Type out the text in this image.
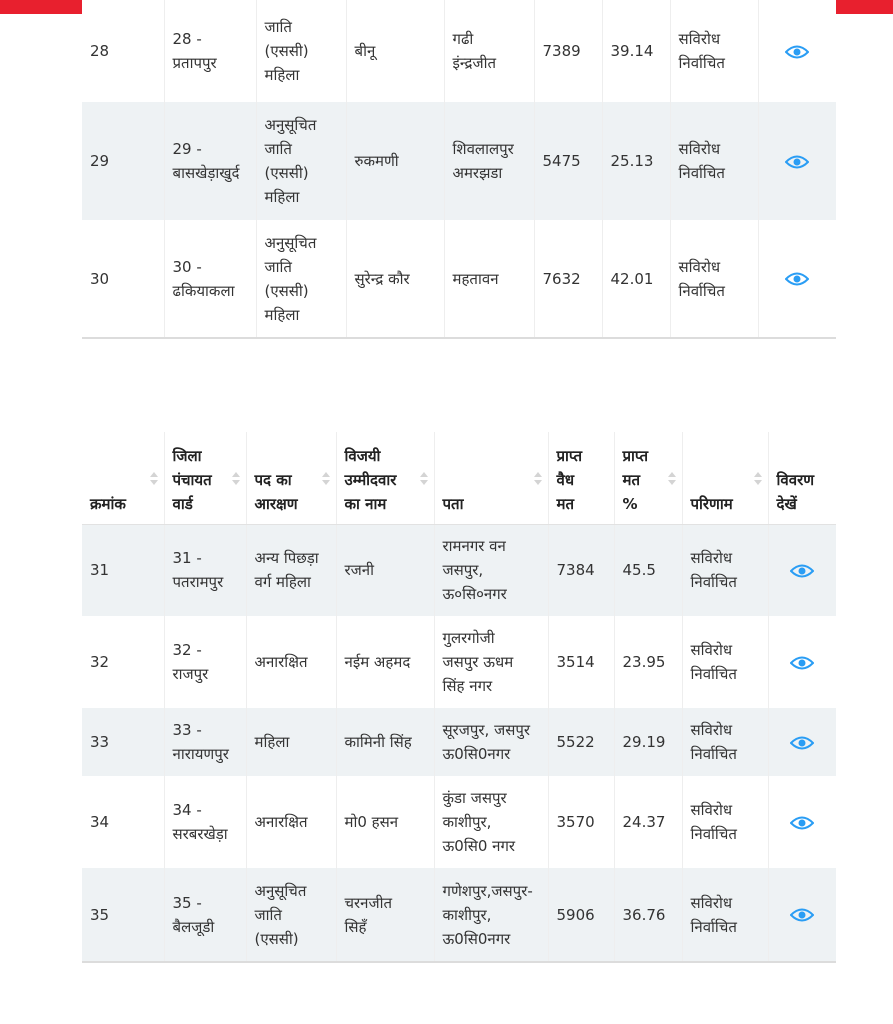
28	28 -
प्रतापपुर	जाति
(एससी)
महिला	बीनू	गढी
इंन्द्रजीत	7389	39.14	सविरोध
निर्वाचित

29	29 -
बासखेड़ाखुर्द	अनुसूचित
जाति
(एससी)
महिला	रुकमणी	शिवलालपुर
अमरझडा	5475	25.13	सविरोध
निर्वाचित

30	30 -
ढकियाकला	अनुसूचित
जाति
(एससी)
महिला	सुरेन्द्र कौर	महतावन	7632	42.01	सविरोध
निर्वाचित

क्रमांक	जिला
पंचायत
वार्ड	पद का
आरक्षण	विजयी
उम्मीदवार
का नाम	पता	प्राप्त
वैध
मत	प्राप्त
मत
%	परिणाम	विवरण
देखें

31	31 -
पतरामपुर	अन्य पिछड़ा
वर्ग महिला	रजनी	रामनगर वन
जसपुर,
ऊ०सि०नगर	7384	45.5	सविरोध
निर्वाचित

32	32 -
राजपुर	अनारक्षित	नईम अहमद	गुलरगोजी
जसपुर ऊधम
सिंह नगर	3514	23.95	सविरोध
निर्वाचित

33	33 -
नारायणपुर	महिला	कामिनी सिंह	सूरजपुर, जसपुर
ऊ0सि0नगर	5522	29.19	सविरोध
निर्वाचित

34	34 -
सरबरखेड़ा	अनारक्षित	मो0 हसन	कुंडा जसपुर
काशीपुर,
ऊ0सि0 नगर	3570	24.37	सविरोध
निर्वाचित

35	35 -
बैलजूडी	अनुसूचित
जाति
(एससी)	चरनजीत
सिहँ	गणेशपुर,जसपुर-
काशीपुर,
ऊ0सि0नगर	5906	36.76	सविरोध
निर्वाचित
